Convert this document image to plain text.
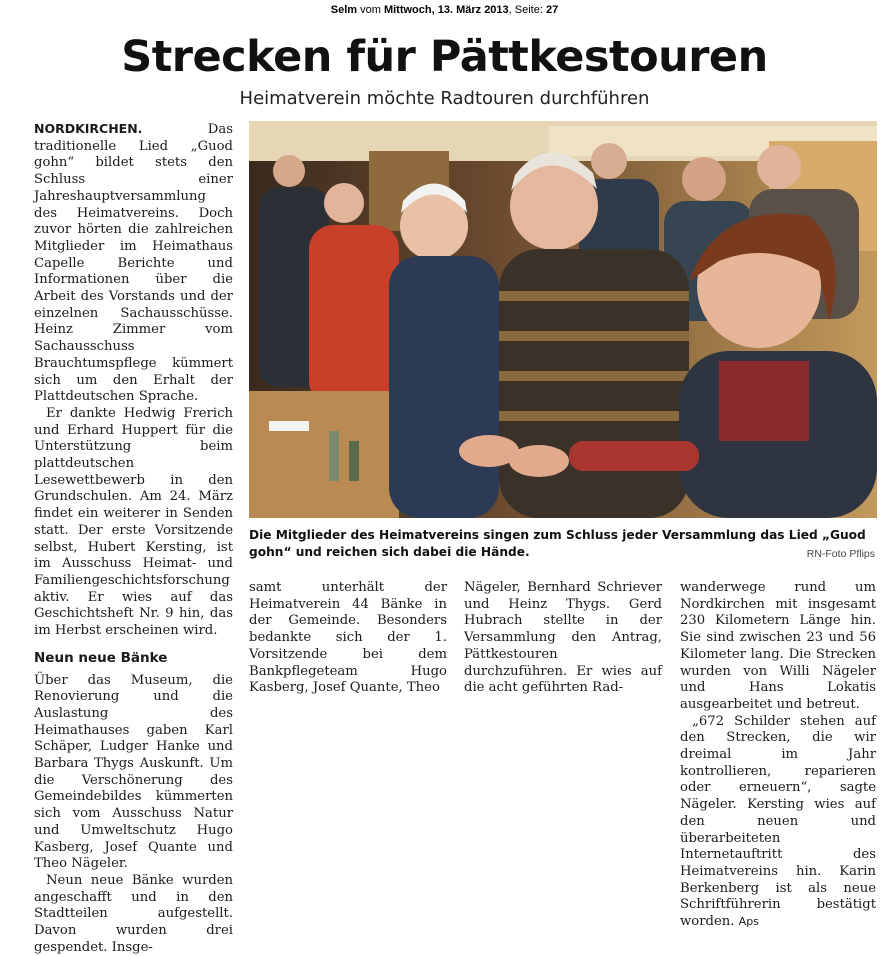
Selm vom Mittwoch, 13. März 2013, Seite: 27
Strecken für Pättkestouren
Heimatverein möchte Radtouren durchführen

NORDKIRCHEN.	Das traditionelle Lied „Guod gohn“ bildet stets den Schluss einer Jahreshauptversammlung des Heimatvereins. Doch zuvor hörten die zahlreichen Mitglieder im Heimathaus Capelle Berichte und Informationen über die Arbeit des Vorstands und der einzelnen Sachausschüsse. Heinz Zimmer vom Sachausschuss Brauchtumspflege kümmert sich um den Erhalt der Plattdeutschen Sprache.

Er dankte Hedwig Frerich und Erhard Huppert für die Unterstützung beim plattdeutschen Lesewettbewerb in den Grundschulen. Am 24. März findet ein weiterer in Senden statt. Der erste Vorsitzende selbst, Hubert Kersting, ist im Ausschuss Heimat- und Familiengeschichtsforschung aktiv. Er wies auf das Geschichtsheft Nr. 9 hin, das im Herbst erscheinen wird.

Neun neue Bänke

Über das Museum, die Renovierung und die Auslastung des Heimathauses gaben Karl Schäper, Ludger Hanke und Barbara Thygs Auskunft. Um die Verschönerung des Gemeindebildes kümmerten sich vom Ausschuss Natur und Umweltschutz Hugo Kasberg, Josef Quante und Theo Nägeler.

Neun neue Bänke wurden angeschafft und in den Stadtteilen aufgestellt. Davon wurden drei gespendet. Insge-

Die Mitglieder des Heimatvereins singen zum Schluss jeder Versammlung das Lied „Guod gohn“ und reichen sich dabei die Hände.	RN-Foto Pflips

samt unterhält der Heimatverein 44 Bänke in der Gemeinde. Besonders bedankte sich der 1. Vorsitzende bei dem Bankpflegeteam Hugo Kasberg, Josef Quante, Theo

Nägeler, Bernhard Schriever und Heinz Thygs. Gerd Hubrach stellte in der Versammlung den Antrag, Pättkestouren durchzuführen. Er wies auf die acht geführten Rad-

wanderwege rund um Nordkirchen mit insgesamt 230 Kilometern Länge hin. Sie sind zwischen 23 und 56 Kilometer lang. Die Strecken wurden von Willi Nägeler und Hans Lokatis ausgearbeitet und betreut.

„672 Schilder stehen auf den Strecken, die wir dreimal im Jahr kontrollieren, reparieren oder erneuern“, sagte Nägeler. Kersting wies auf den neuen und überarbeiteten Internetauftritt des Heimatvereins hin. Karin Berkenberg ist als neue Schriftführerin bestätigt worden. Aps
